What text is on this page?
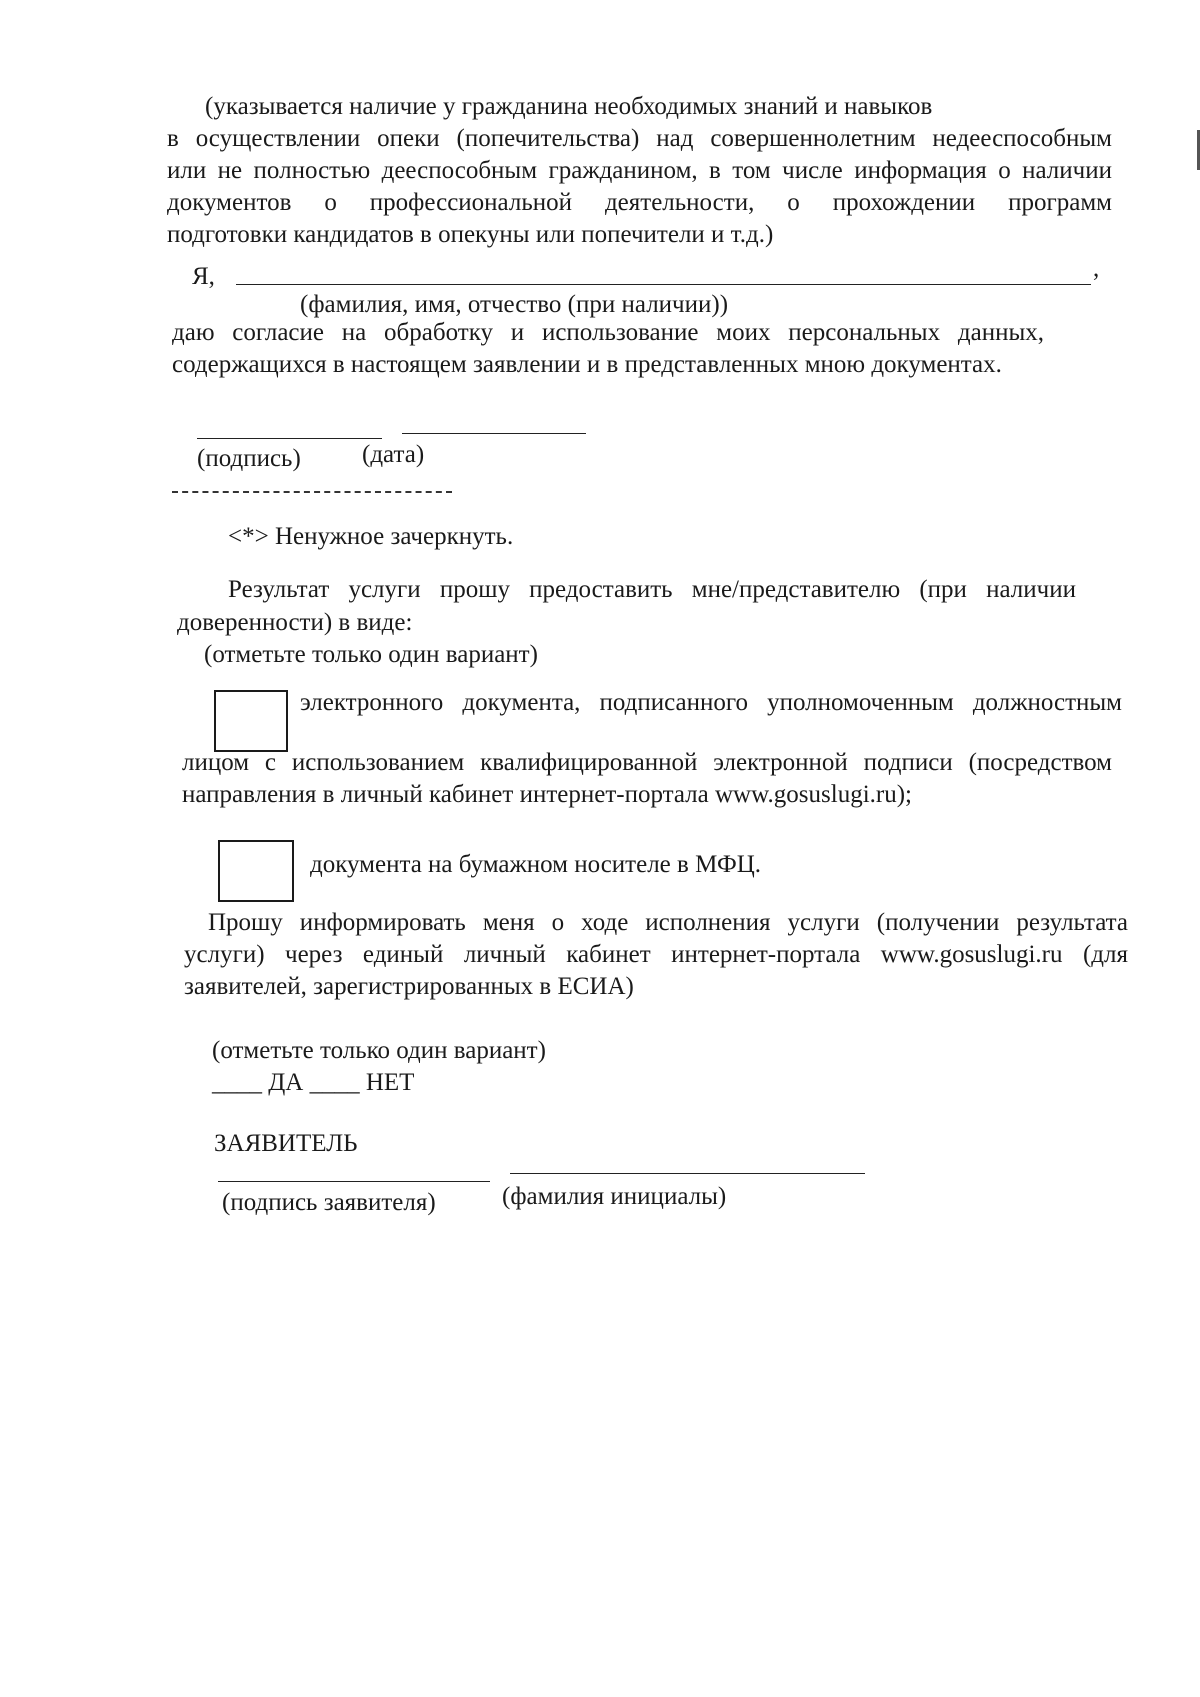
(указывается наличие у гражданина необходимых знаний и навыков
в осуществлении опеки (попечительства) над совершеннолетним недееспособным
или не полностью дееспособным гражданином, в том числе информация о наличии
документов о профессиональной деятельности, о прохождении программ
подготовки кандидатов в опекуны или попечители и т.д.)
Я,	,
(фамилия, имя, отчество (при наличии))
даю согласие на обработку и использование моих персональных данных,
содержащихся в настоящем заявлении и в представленных мною документах.
(подпись) (дата)
<*> Ненужное зачеркнуть.
Результат услуги прошу предоставить мне/представителю (при наличии
доверенности) в виде:
(отметьте только один вариант)
электронного документа, подписанного уполномоченным должностным
лицом с использованием квалифицированной электронной подписи (посредством
направления в личный кабинет интернет-портала www.gosuslugi.ru);
документа на бумажном носителе в МФЦ.
Прошу информировать меня о ходе исполнения услуги (получении результата
услуги) через единый личный кабинет интернет-портала www.gosuslugi.ru (для
заявителей, зарегистрированных в ЕСИА)
(отметьте только один вариант)
____ ДА ____ НЕТ
ЗАЯВИТЕЛЬ
(подпись заявителя)	(фамилия инициалы)
